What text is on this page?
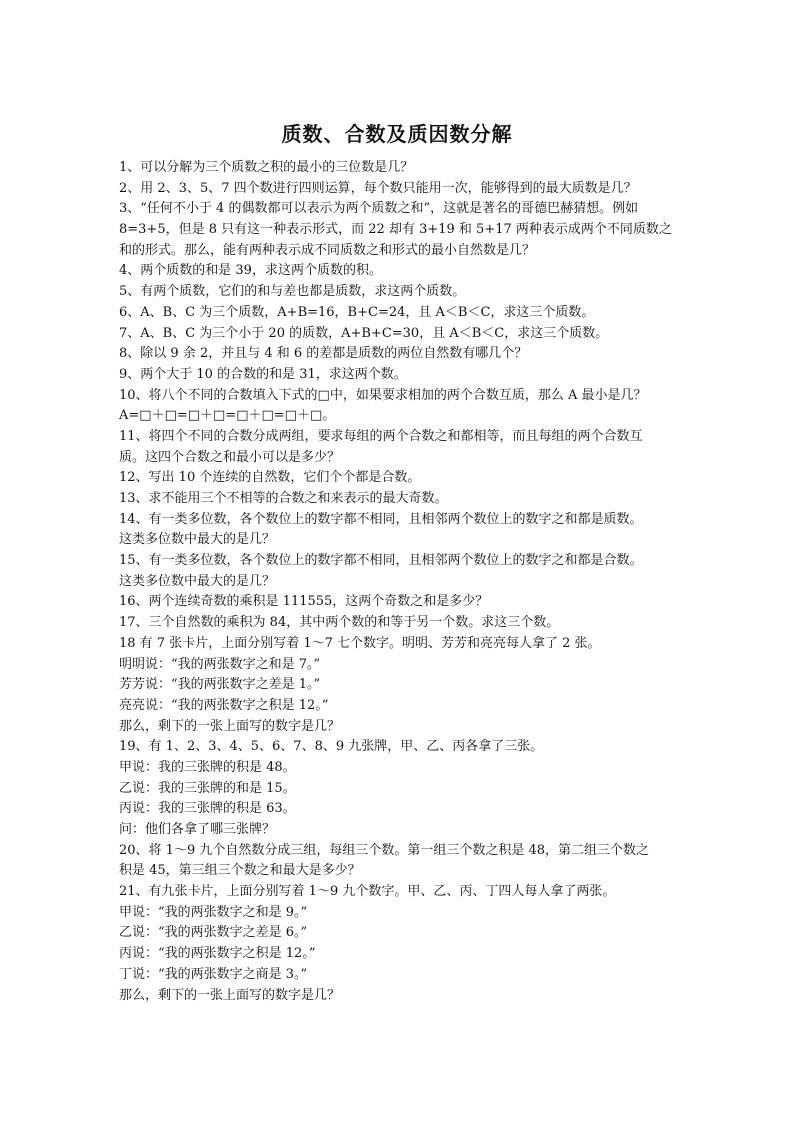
质数、合数及质因数分解
1、可以分解为三个质数之积的最小的三位数是几？
2、用 2、3、5、7 四个数进行四则运算，每个数只能用一次，能够得到的最大质数是几？
3、“任何不小于 4 的偶数都可以表示为两个质数之和”，这就是著名的哥德巴赫猜想。例如
8=3+5，但是 8 只有这一种表示形式，而 22 却有 3+19 和 5+17 两种表示成两个不同质数之
和的形式。那么，能有两种表示成不同质数之和形式的最小自然数是几？
4、两个质数的和是 39，求这两个质数的积。
5、有两个质数，它们的和与差也都是质数，求这两个质数。
6、A、B、C 为三个质数，A+B=16，B+C=24，且 A＜B＜C，求这三个质数。
7、A、B、C 为三个小于 20 的质数，A+B+C=30，且 A＜B＜C，求这三个质数。
8、除以 9 余 2，并且与 4 和 6 的差都是质数的两位自然数有哪几个？
9、两个大于 10 的合数的和是 31，求这两个数。
10、将八个不同的合数填入下式的□中，如果要求相加的两个合数互质，那么 A 最小是几？
A=□＋□=□＋□=□＋□=□＋□。
11、将四个不同的合数分成两组，要求每组的两个合数之和都相等，而且每组的两个合数互
质。这四个合数之和最小可以是多少？
12、写出 10 个连续的自然数，它们个个都是合数。
13、求不能用三个不相等的合数之和来表示的最大奇数。
14、有一类多位数，各个数位上的数字都不相同，且相邻两个数位上的数字之和都是质数。
这类多位数中最大的是几？
15、有一类多位数，各个数位上的数字都不相同，且相邻两个数位上的数字之和都是合数。
这类多位数中最大的是几？
16、两个连续奇数的乘积是 111555，这两个奇数之和是多少？
17、三个自然数的乘积为 84，其中两个数的和等于另一个数。求这三个数。
18 有 7 张卡片，上面分别写着 1～7 七个数字。明明、芳芳和亮亮每人拿了 2 张。
明明说：“我的两张数字之和是 7。”
芳芳说：“我的两张数字之差是 1。”
亮亮说：“我的两张数字之积是 12。”
那么，剩下的一张上面写的数字是几？
19、有 1、2、3、4、5、6、7、8、9 九张牌，甲、乙、丙各拿了三张。
甲说：我的三张牌的积是 48。
乙说：我的三张牌的和是 15。
丙说：我的三张牌的积是 63。
问：他们各拿了哪三张牌？
20、将 1～9 九个自然数分成三组，每组三个数。第一组三个数之积是 48，第二组三个数之
积是 45，第三组三个数之和最大是多少？
21、有九张卡片，上面分别写着 1～9 九个数字。甲、乙、丙、丁四人每人拿了两张。
甲说：“我的两张数字之和是 9。”
乙说：“我的两张数字之差是 6。”
丙说：“我的两张数字之积是 12。”
丁说：“我的两张数字之商是 3。”
那么，剩下的一张上面写的数字是几？
